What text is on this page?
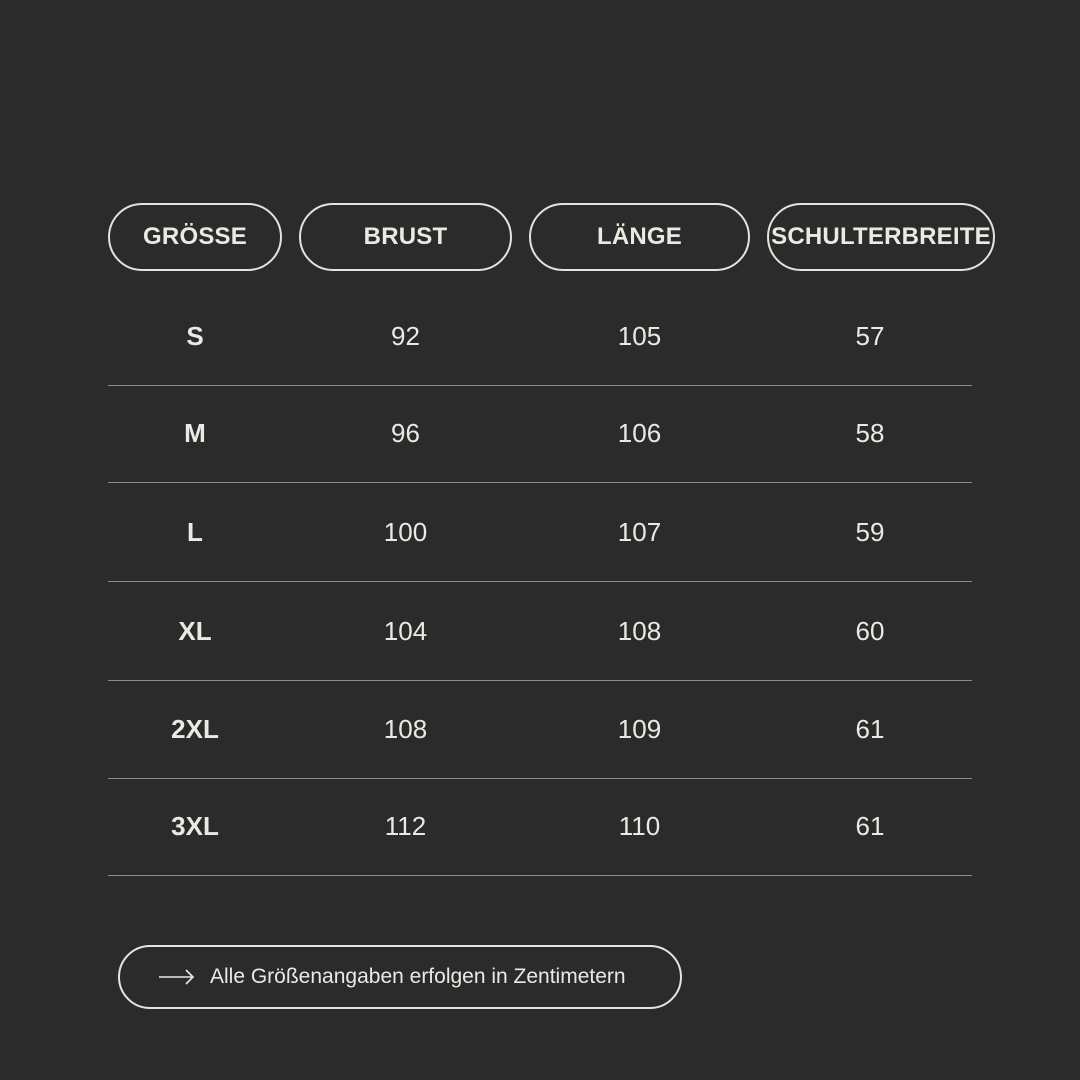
GRÖSSE	BRUST	LÄNGE	SCHULTERBREITE
S	92	105	57
M	96	106	58
L	100	107	59
XL	104	108	60
2XL	108	109	61
3XL	112	110	61
Alle Größenangaben erfolgen in Zentimetern
